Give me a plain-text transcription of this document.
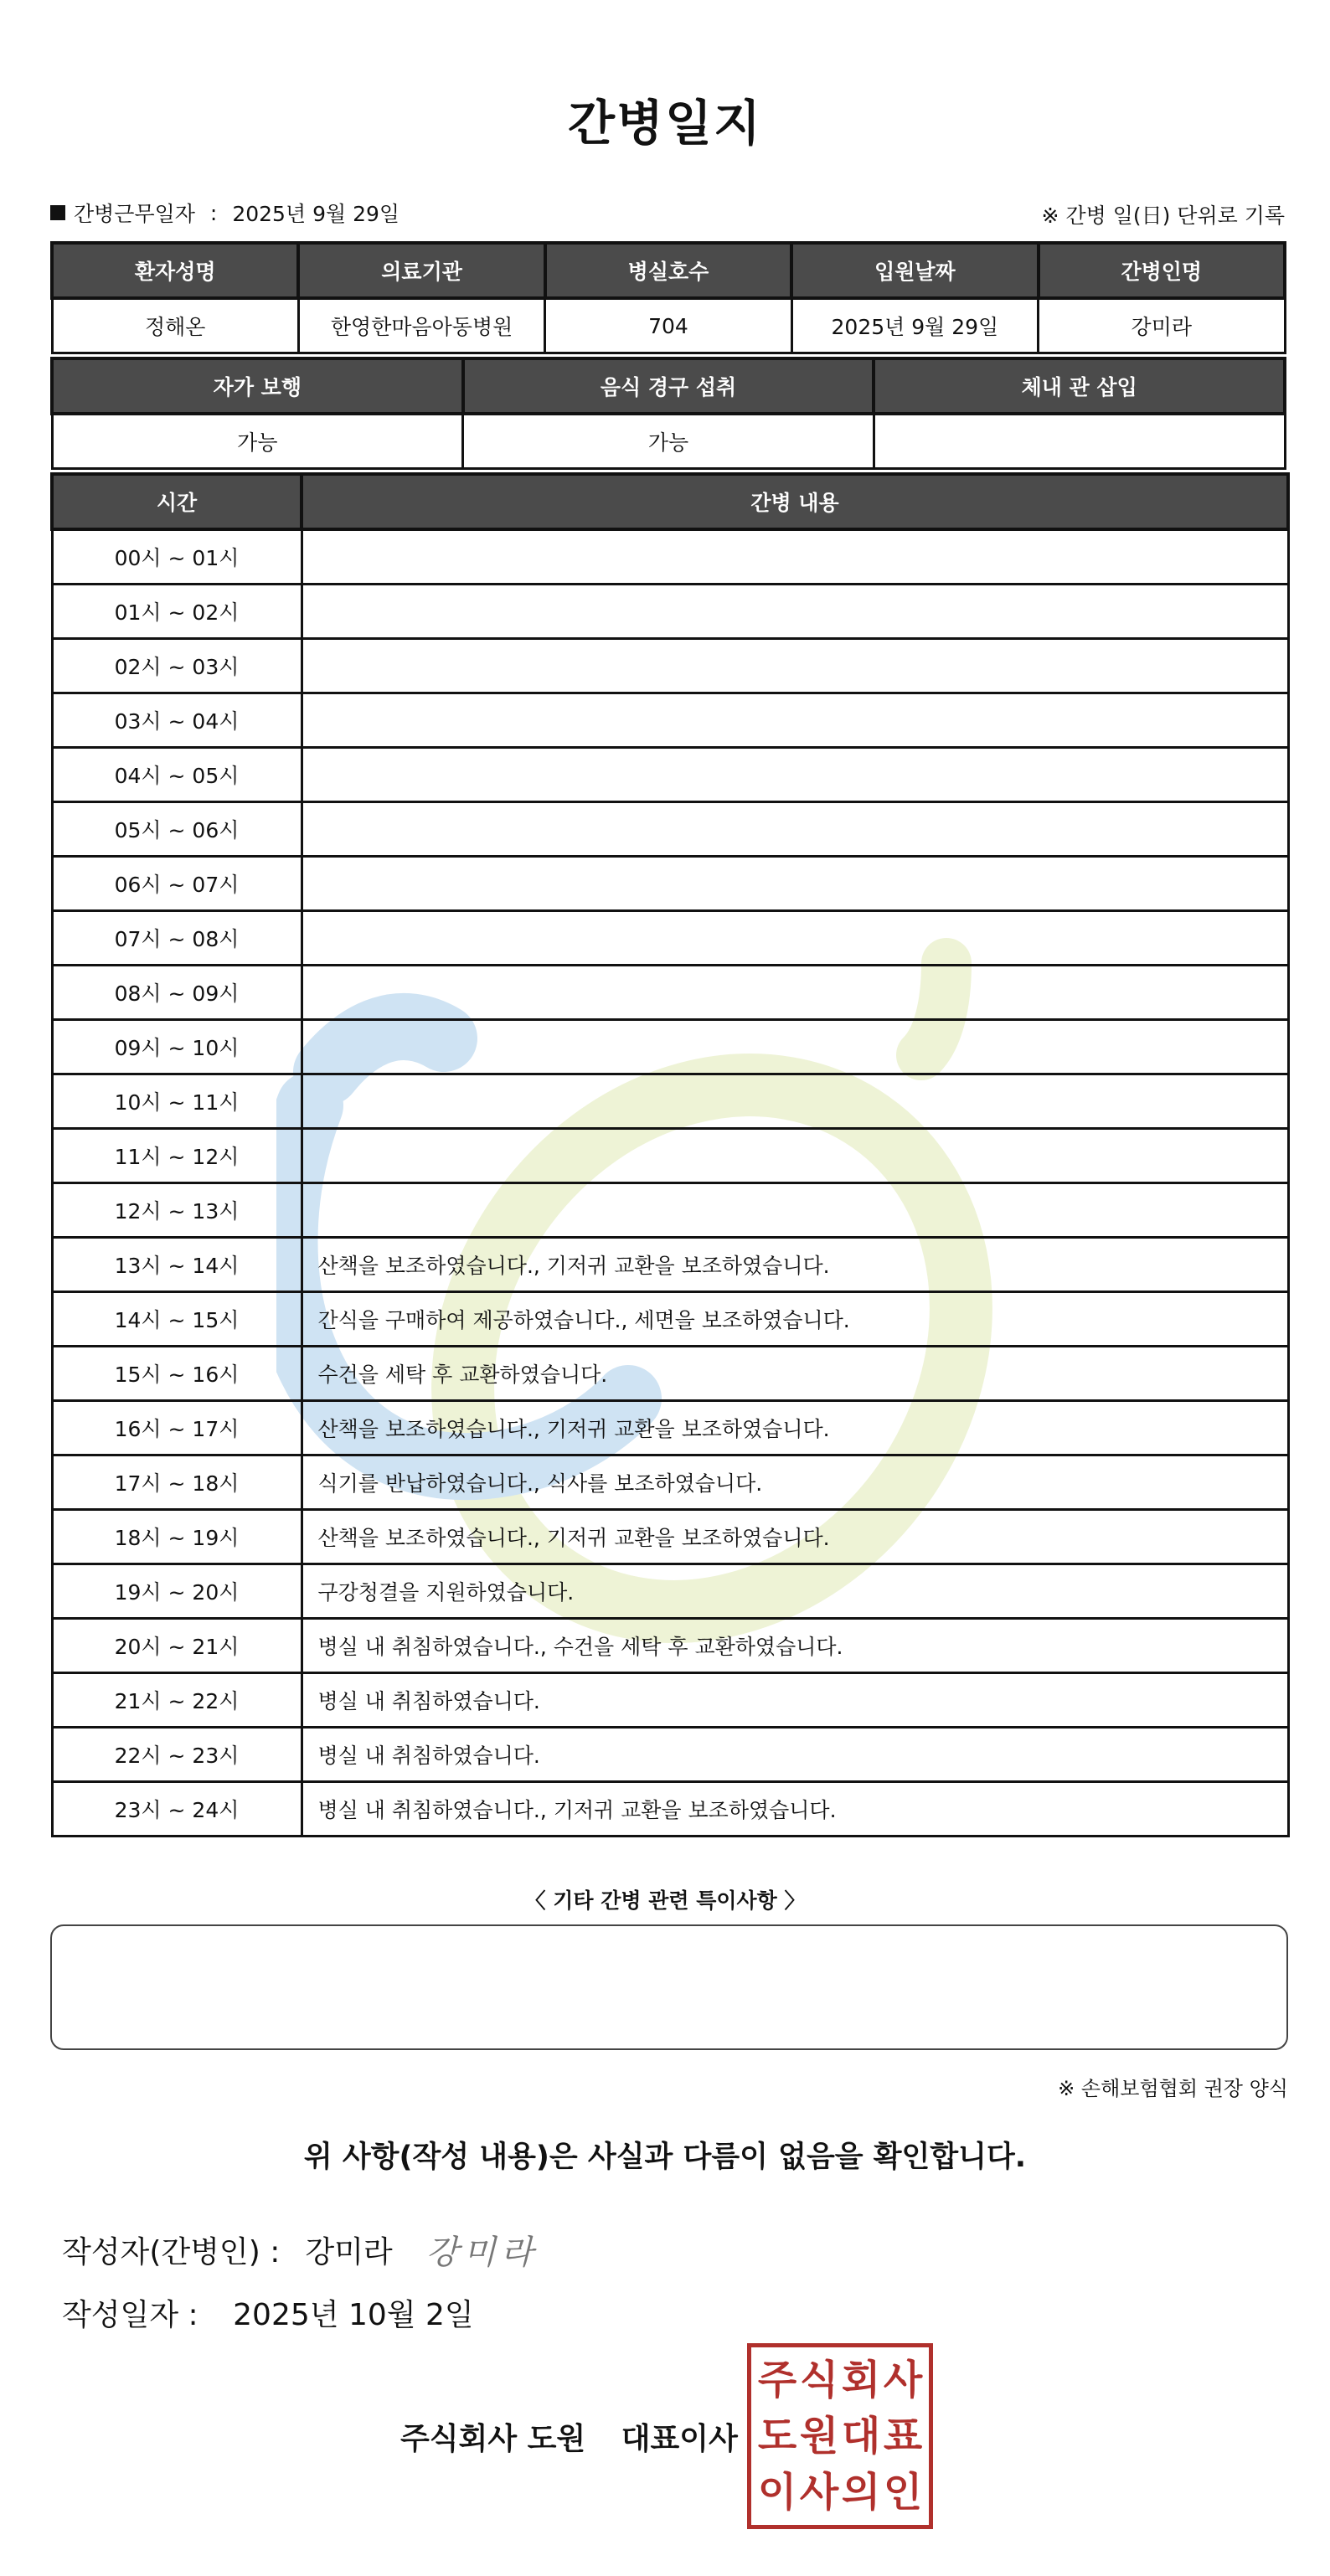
간병일지
간병근무일자 : 2025년 9월 29일	※ 간병 일(日) 단위로 기록
환자성명	의료기관	병실호수	입원날짜	간병인명
정해온	한영한마음아동병원	704	2025년 9월 29일	강미라
자가 보행	음식 경구 섭취	체내 관 삽입
가능	가능	
시간	간병 내용
00시 ~ 01시	
01시 ~ 02시	
02시 ~ 03시	
03시 ~ 04시	
04시 ~ 05시	
05시 ~ 06시	
06시 ~ 07시	
07시 ~ 08시	
08시 ~ 09시	
09시 ~ 10시	
10시 ~ 11시	
11시 ~ 12시	
12시 ~ 13시	
13시 ~ 14시	산책을 보조하였습니다., 기저귀 교환을 보조하였습니다.
14시 ~ 15시	간식을 구매하여 제공하였습니다., 세면을 보조하였습니다.
15시 ~ 16시	수건을 세탁 후 교환하였습니다.
16시 ~ 17시	산책을 보조하였습니다., 기저귀 교환을 보조하였습니다.
17시 ~ 18시	식기를 반납하였습니다., 식사를 보조하였습니다.
18시 ~ 19시	산책을 보조하였습니다., 기저귀 교환을 보조하였습니다.
19시 ~ 20시	구강청결을 지원하였습니다.
20시 ~ 21시	병실 내 취침하였습니다., 수건을 세탁 후 교환하였습니다.
21시 ~ 22시	병실 내 취침하였습니다.
22시 ~ 23시	병실 내 취침하였습니다.
23시 ~ 24시	병실 내 취침하였습니다., 기저귀 교환을 보조하였습니다.
〈 기타 간병 관련 특이사항 〉
※ 손해보험협회 권장 양식
위 사항(작성 내용)은 사실과 다름이 없음을 확인합니다.
작성자(간병인) : 강미라 강미라
작성일자 : 2025년 10월 2일
주식회사 도원 대표이사
주 식 회 사
도 원 대 표
이 사 의 인
